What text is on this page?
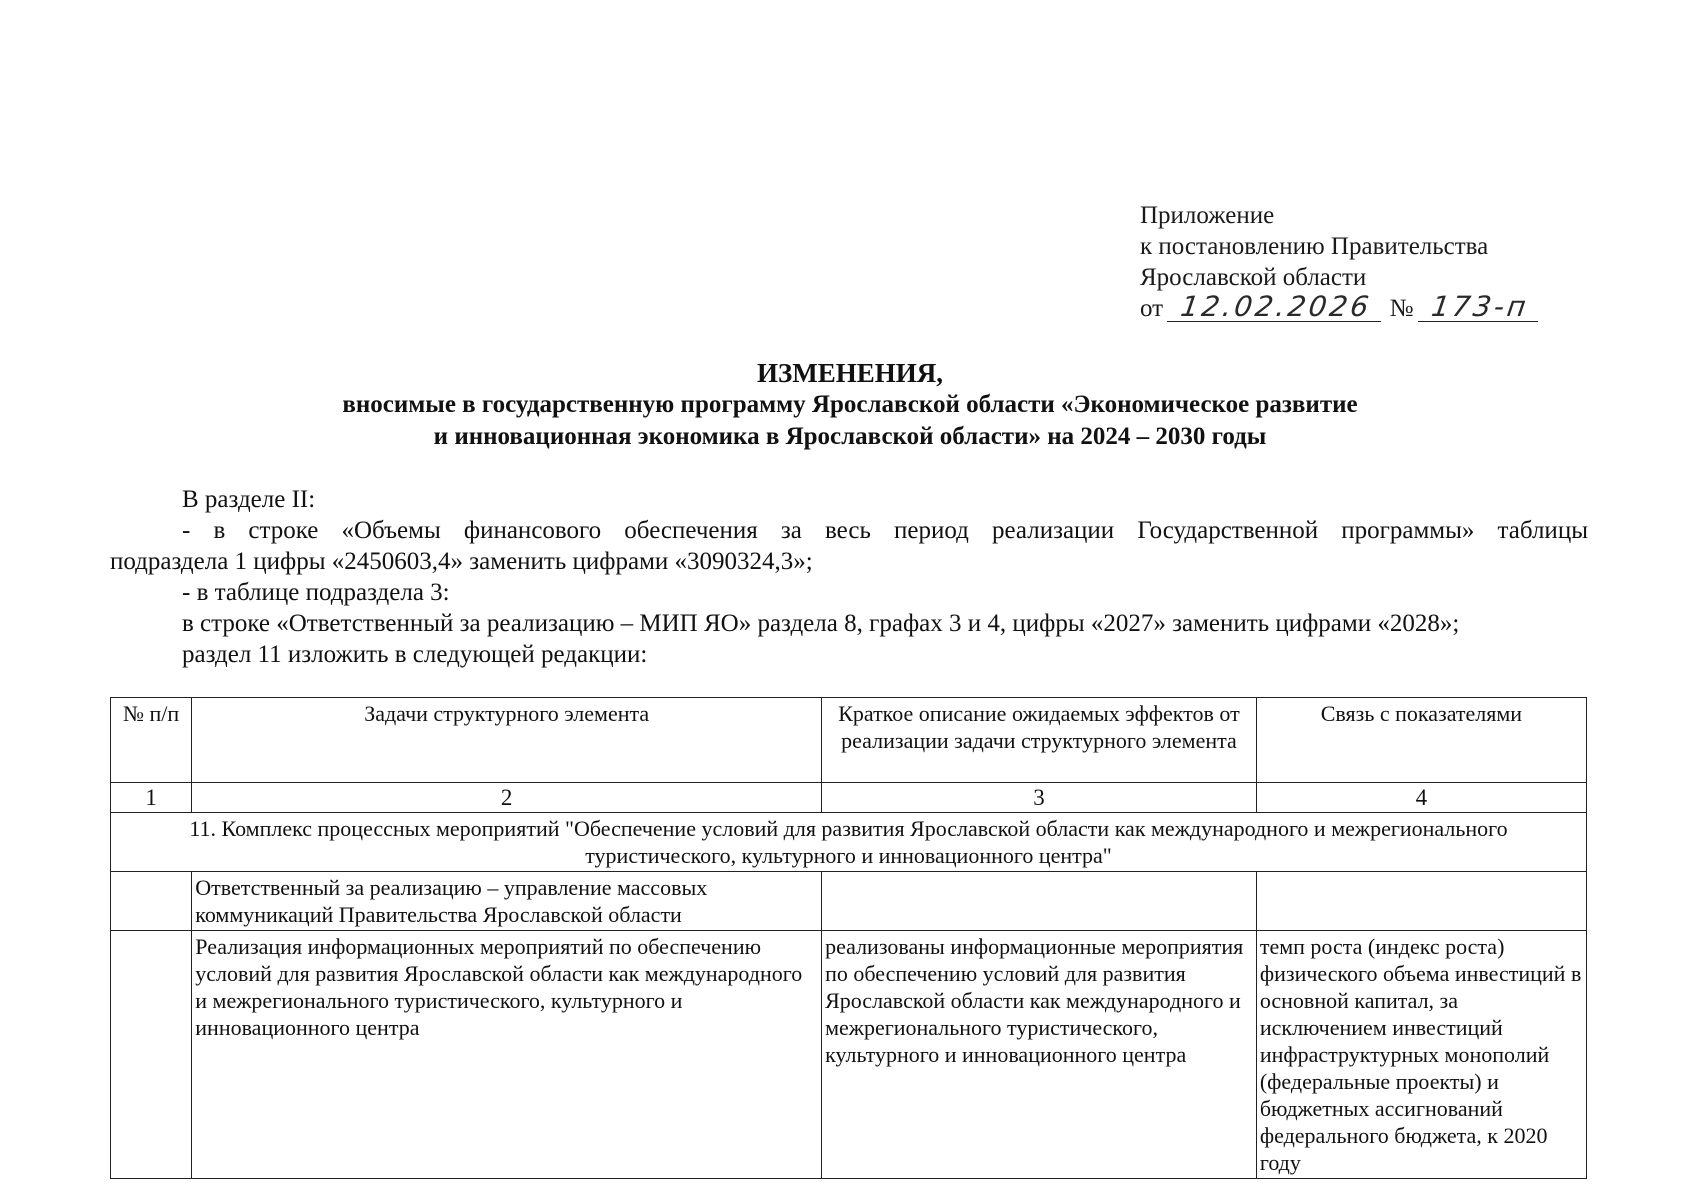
Приложение
к постановлению Правительства
Ярославской области
от 12.02.2026 № 173-п
ИЗМЕНЕНИЯ,
вносимые в государственную программу Ярославской области «Экономическое развитие
и инновационная экономика в Ярославской области» на 2024 – 2030 годы

В разделе II:

- в строке «Объемы финансового обеспечения за весь период реализации Государственной программы» таблицы

подраздела 1 цифры «2450603,4» заменить цифрами «3090324,3»;

- в таблице подраздела 3:

в строке «Ответственный за реализацию – МИП ЯО» раздела 8, графах 3 и 4, цифры «2027» заменить цифрами «2028»;

раздел 11 изложить в следующей редакции:

№ п/п	Задачи структурного элемента	Краткое описание ожидаемых эффектов от реализации задачи структурного элемента	Связь с показателями
1	2	3	4
11. Комплекс процессных мероприятий "Обеспечение условий для развития Ярославской области как международного и межрегионального туристического, культурного и инновационного центра"			
	Ответственный за реализацию – управление массовых коммуникаций Правительства Ярославской области		
	Реализация информационных мероприятий по обеспечению условий для развития Ярославской области как международного и межрегионального туристического, культурного и инновационного центра	реализованы информационные мероприятия по обеспечению условий для развития Ярославской области как международного и межрегионального туристического, культурного и инновационного центра	темп роста (индекс роста) физического объема инвестиций в основной капитал, за исключением инвестиций инфраструктурных монополий (федеральные проекты) и бюджетных ассигнований федерального бюджета, к 2020 году
